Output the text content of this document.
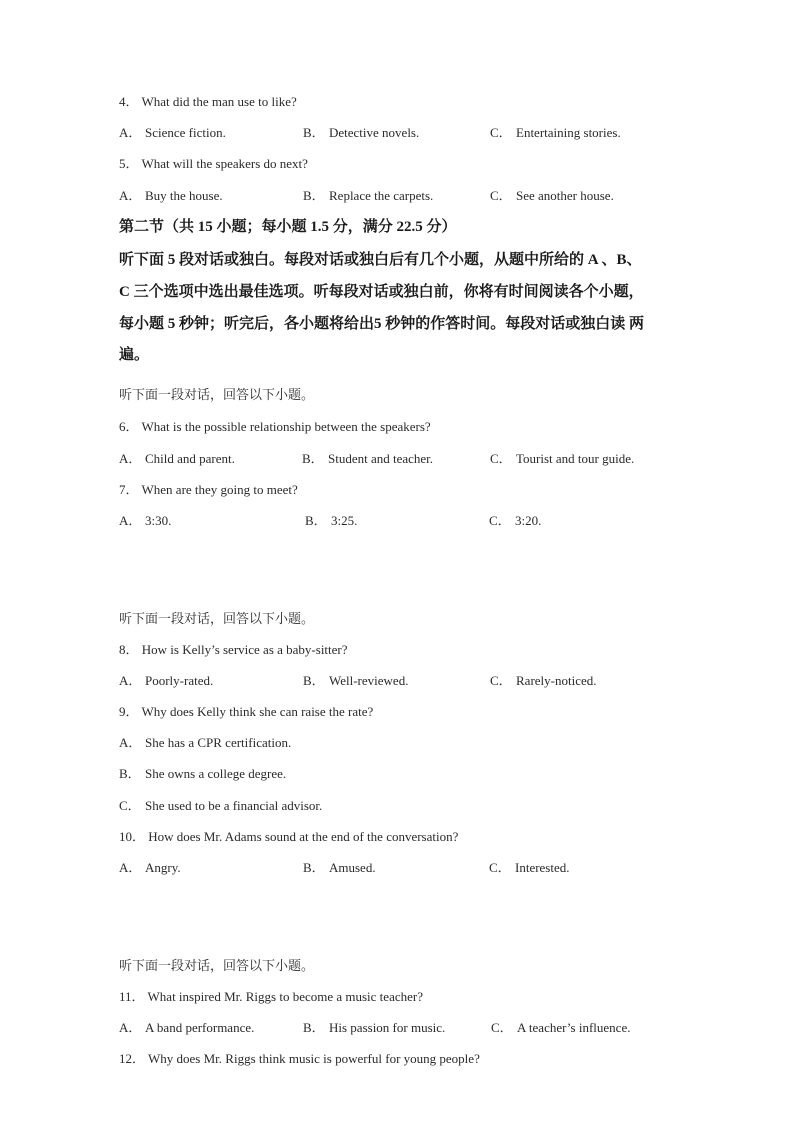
4． What did the man use to like?
A． Science fiction.	B． Detective novels.	C． Entertaining stories.
5． What will the speakers do next?
A． Buy the house.	B． Replace the carpets.	C． See another house.
第二节（共 15 小题；每小题 1.5 分，满分 22.5 分）
听下面 5 段对话或独白。每段对话或独白后有几个小题，从题中所给的 A 、B、
C 三个选项中选出最佳选项。听每段对话或独白前，你将有时间阅读各个小题，
每小题 5 秒钟；听完后，各小题将给出5 秒钟的作答时间。每段对话或独白读 两
遍。
听下面一段对话，回答以下小题。
6． What is the possible relationship between the speakers?
A． Child and parent.	B． Student and teacher.	C． Tourist and tour guide.
7． When are they going to meet?
A． 3:30.	B． 3:25.	C． 3:20.
听下面一段对话，回答以下小题。
8． How is Kelly’s service as a baby-sitter?
A． Poorly-rated.	B． Well-reviewed.	C． Rarely-noticed.
9． Why does Kelly think she can raise the rate?
A． She has a CPR certification.
B． She owns a college degree.
C． She used to be a financial advisor.
10． How does Mr. Adams sound at the end of the conversation?
A． Angry.	B． Amused.	C． Interested.
听下面一段对话，回答以下小题。
11． What inspired Mr. Riggs to become a music teacher?
A． A band performance.	B． His passion for music.	C． A teacher’s influence.
12． Why does Mr. Riggs think music is powerful for young people?
